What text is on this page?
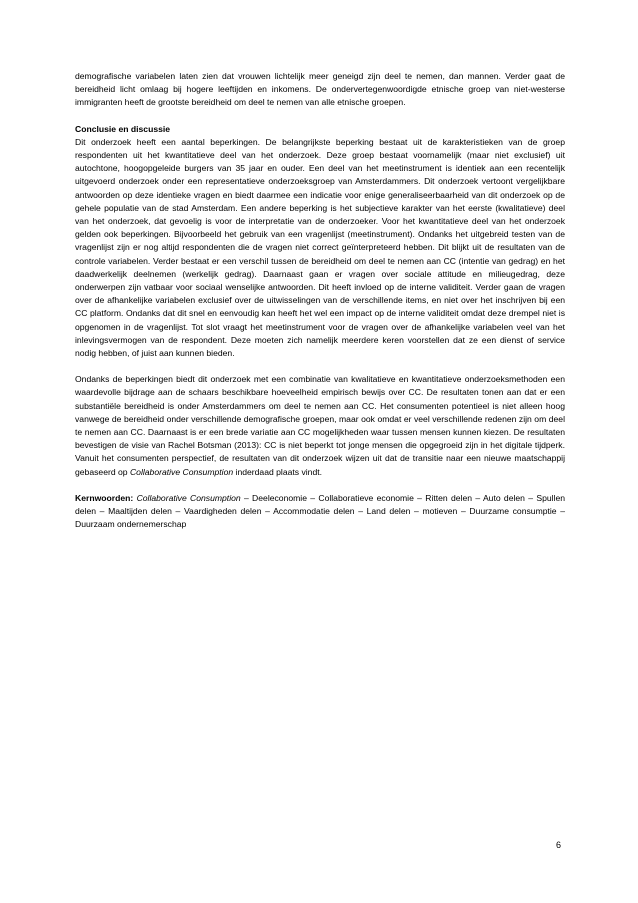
demografische variabelen laten zien dat vrouwen lichtelijk meer geneigd zijn deel te nemen, dan mannen. Verder gaat de bereidheid licht omlaag bij hogere leeftijden en inkomens. De ondervertegenwoordigde etnische groep van niet-westerse immigranten heeft de grootste bereidheid om deel te nemen van alle etnische groepen.

Conclusie en discussie

Dit onderzoek heeft een aantal beperkingen. De belangrijkste beperking bestaat uit de karakteristieken van de groep respondenten uit het kwantitatieve deel van het onderzoek. Deze groep bestaat voornamelijk (maar niet exclusief) uit autochtone, hoogopgeleide burgers van 35 jaar en ouder. Een deel van het meetinstrument is identiek aan een recentelijk uitgevoerd onderzoek onder een representatieve onderzoeksgroep van Amsterdammers. Dit onderzoek vertoont vergelijkbare antwoorden op deze identieke vragen en biedt daarmee een indicatie voor enige generaliseerbaarheid van dit onderzoek op de gehele populatie van de stad Amsterdam. Een andere beperking is het subjectieve karakter van het eerste (kwalitatieve) deel van het onderzoek, dat gevoelig is voor de interpretatie van de onderzoeker. Voor het kwantitatieve deel van het onderzoek gelden ook beperkingen. Bijvoorbeeld het gebruik van een vragenlijst (meetinstrument). Ondanks het uitgebreid testen van de vragenlijst zijn er nog altijd respondenten die de vragen niet correct geïnterpreteerd hebben. Dit blijkt uit de resultaten van de controle variabelen. Verder bestaat er een verschil tussen de bereidheid om deel te nemen aan CC (intentie van gedrag) en het daadwerkelijk deelnemen (werkelijk gedrag). Daarnaast gaan er vragen over sociale attitude en milieugedrag, deze onderwerpen zijn vatbaar voor sociaal wenselijke antwoorden. Dit heeft invloed op de interne validiteit. Verder gaan de vragen over de afhankelijke variabelen exclusief over de uitwisselingen van de verschillende items, en niet over het inschrijven bij een CC platform. Ondanks dat dit snel en eenvoudig kan heeft het wel een impact op de interne validiteit omdat deze drempel niet is opgenomen in de vragenlijst. Tot slot vraagt het meetinstrument voor de vragen over de afhankelijke variabelen veel van het inlevingsvermogen van de respondent. Deze moeten zich namelijk meerdere keren voorstellen dat ze een dienst of service nodig hebben, of juist aan kunnen bieden.

Ondanks de beperkingen biedt dit onderzoek met een combinatie van kwalitatieve en kwantitatieve onderzoeksmethoden een waardevolle bijdrage aan de schaars beschikbare hoeveelheid empirisch bewijs over CC. De resultaten tonen aan dat er een substantiële bereidheid is onder Amsterdammers om deel te nemen aan CC. Het consumenten potentieel is niet alleen hoog vanwege de bereidheid onder verschillende demografische groepen, maar ook omdat er veel verschillende redenen zijn om deel te nemen aan CC. Daarnaast is er een brede variatie aan CC mogelijkheden waar tussen mensen kunnen kiezen. De resultaten bevestigen de visie van Rachel Botsman (2013): CC is niet beperkt tot jonge mensen die opgegroeid zijn in het digitale tijdperk. Vanuit het consumenten perspectief, de resultaten van dit onderzoek wijzen uit dat de transitie naar een nieuwe maatschappij gebaseerd op Collaborative Consumption inderdaad plaats vindt.

Kernwoorden: Collaborative Consumption – Deeleconomie – Collaboratieve economie – Ritten delen – Auto delen – Spullen delen – Maaltijden delen – Vaardigheden delen – Accommodatie delen – Land delen – motieven – Duurzame consumptie – Duurzaam ondernemerschap

6
